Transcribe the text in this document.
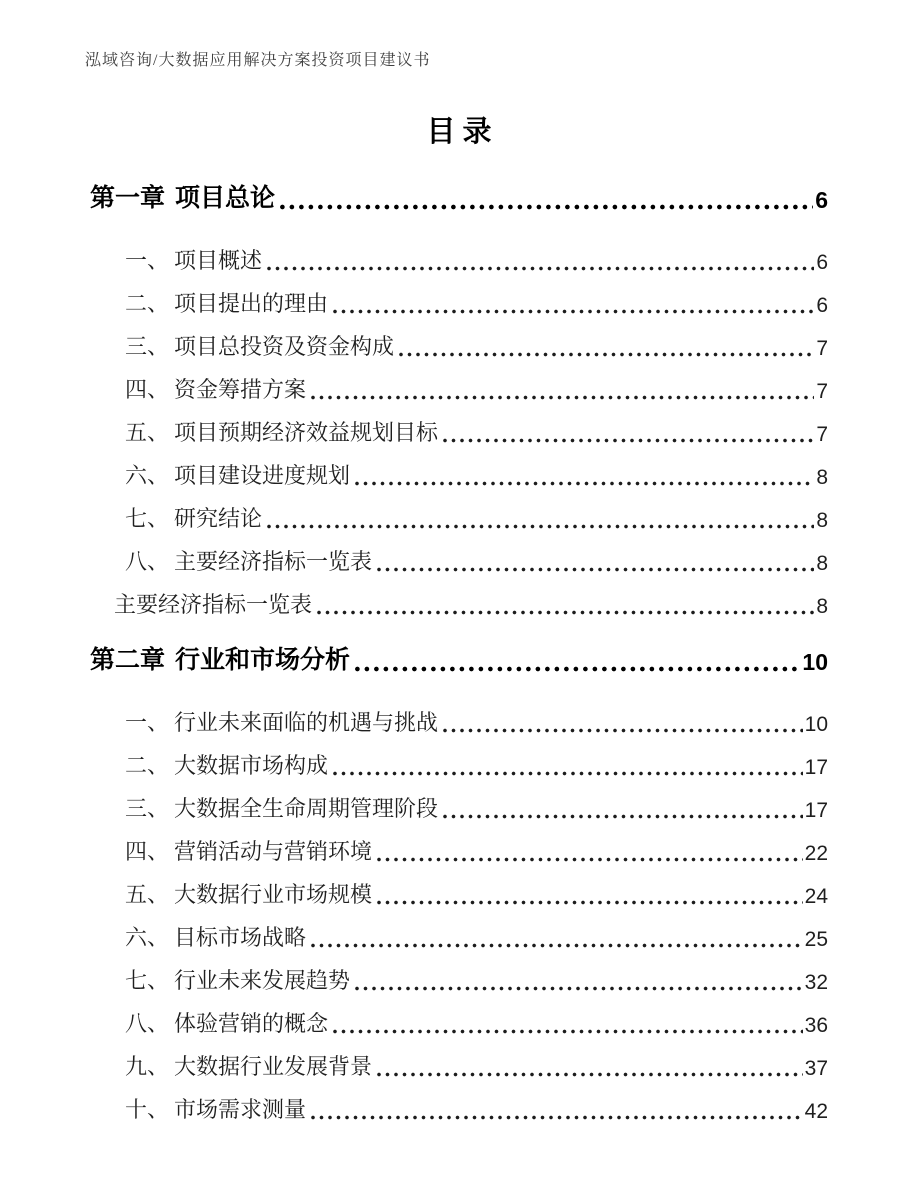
泓域咨询/大数据应用解决方案投资项目建议书
目录
第一章 项目总论	6
一、 项目概述	6
二、 项目提出的理由	6
三、 项目总投资及资金构成	7
四、 资金筹措方案	7
五、 项目预期经济效益规划目标	7
六、 项目建设进度规划	8
七、 研究结论	8
八、 主要经济指标一览表	8
主要经济指标一览表	8
第二章 行业和市场分析	10
一、 行业未来面临的机遇与挑战	10
二、 大数据市场构成	17
三、 大数据全生命周期管理阶段	17
四、 营销活动与营销环境	22
五、 大数据行业市场规模	24
六、 目标市场战略	25
七、 行业未来发展趋势	32
八、 体验营销的概念	36
九、 大数据行业发展背景	37
十、 市场需求测量	42
